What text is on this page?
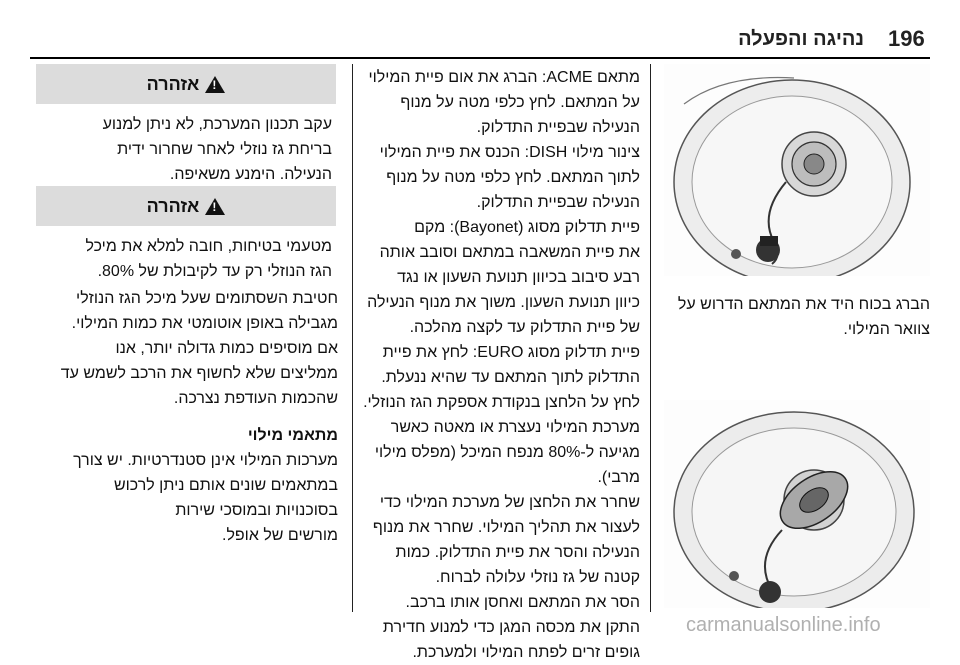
196
נהיגה והפעלה

הברג בכוח היד את המתאם הדרוש על

צוואר המילוי.

מתאם ACME: הברג את אום פיית המילוי

על המתאם. לחץ כלפי מטה על מנוף

הנעילה שבפיית התדלוק.

צינור מילוי DISH: הכנס את פיית המילוי

לתוך המתאם. לחץ כלפי מטה על מנוף

הנעילה שבפיית התדלוק.

פיית תדלוק מסוג (Bayonet): מקם

את פיית המשאבה במתאם וסובב אותה

רבע סיבוב בכיוון תנועת השעון או נגד

כיוון תנועת השעון. משוך את מנוף הנעילה

של פיית התדלוק עד לקצה מהלכה.

פיית תדלוק מסוג EURO: לחץ את פיית

התדלוק לתוך המתאם עד שהיא ננעלת.

לחץ על הלחצן בנקודת אספקת הגז הנוזלי.

מערכת המילוי נעצרת או מאטה כאשר

מגיעה ל-80% מנפח המיכל (מפלס מילוי

מרבי).

שחרר את הלחצן של מערכת המילוי כדי

לעצור את תהליך המילוי. שחרר את מנוף

הנעילה והסר את פיית התדלוק. כמות

קטנה של גז נוזלי עלולה לברוח.

הסר את המתאם ואחסן אותו ברכב.

התקן את מכסה המגן כדי למנוע חדירת

גופים זרים לפתח המילוי ולמערכת.

!
אזהרה

עקב תכנון המערכת, לא ניתן למנוע

בריחת גז נוזלי לאחר שחרור ידית

הנעילה. הימנע משאיפה.

!
אזהרה

מטעמי בטיחות, חובה למלא את מיכל

הגז הנוזלי רק עד לקיבולת של 80%.

חטיבת השסתומים שעל מיכל הגז הנוזלי

מגבילה באופן אוטומטי את כמות המילוי.

אם מוסיפים כמות גדולה יותר, אנו

ממליצים שלא לחשוף את הרכב לשמש עד

שהכמות העודפת נצרכה.

מתאמי מילוי

מערכות המילוי אינן סטנדרטיות. יש צורך

במתאמים שונים אותם ניתן לרכוש

בסוכנויות ובמוסכי שירות

מורשים של אופל.

carmanualsonline.info
